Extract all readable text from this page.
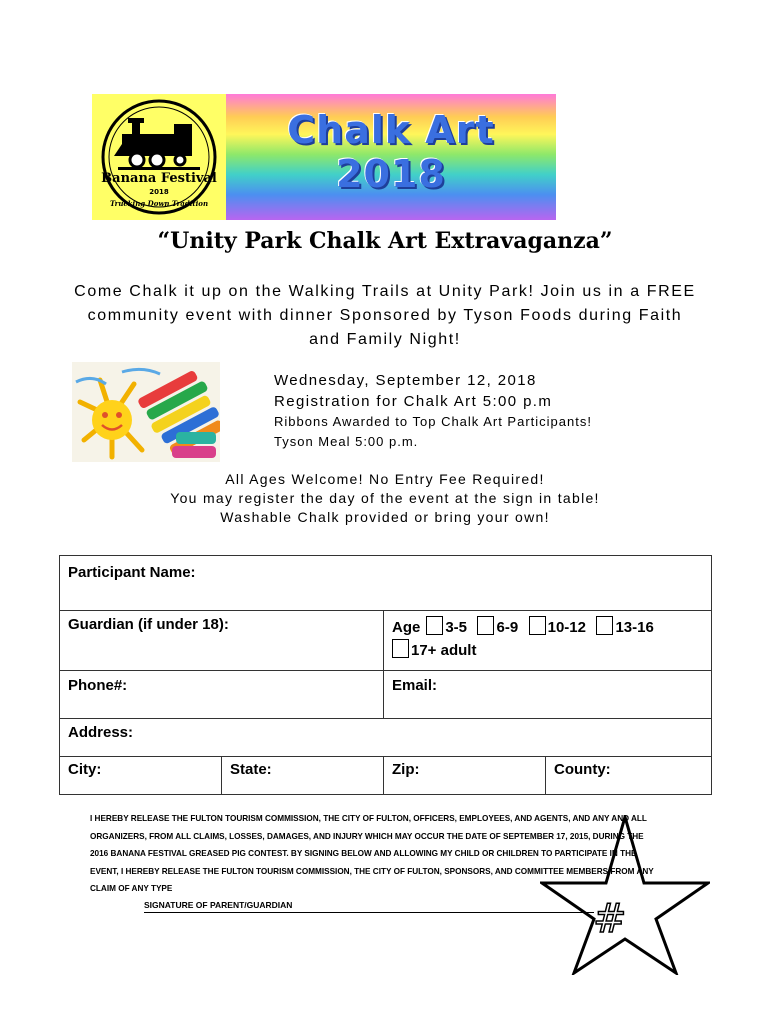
Banana Festival
2018
Trucking Down Tradition
Chalk Art 2018
“Unity Park Chalk Art Extravaganza”
Come Chalk it up on the Walking Trails at Unity Park! Join us in a FREE
community event with dinner Sponsored by Tyson Foods during Faith
and Family Night!
Wednesday, September 12, 2018
Registration for Chalk Art 5:00 p.m
Ribbons Awarded to Top Chalk Art Participants!
Tyson Meal 5:00 p.m.
All Ages Welcome! No Entry Fee Required!
You may register the day of the event at the sign in table!
Washable Chalk provided or bring your own!
Participant Name:
Guardian (if under 18):	Age 3-5 6-9 10-12 13-16
17+ adult
Phone#:	Email:
Address:
City:	State:	Zip:	County:
#
I HEREBY RELEASE THE FULTON TOURISM COMMISSION, THE CITY OF FULTON, OFFICERS, EMPLOYEES, AND AGENTS, AND ANY AND ALL
ORGANIZERS, FROM ALL CLAIMS, LOSSES, DAMAGES, AND INJURY WHICH MAY OCCUR THE DATE OF SEPTEMBER 17, 2015, DURING THE
2016 BANANA FESTIVAL GREASED PIG CONTEST. BY SIGNING BELOW AND ALLOWING MY CHILD OR CHILDREN TO PARTICIPATE IN THE
EVENT, I HEREBY RELEASE THE FULTON TOURISM COMMISSION, THE CITY OF FULTON, SPONSORS, AND COMMITTEE MEMBERS FROM ANY
CLAIM OF ANY TYPE
SIGNATURE OF PARENT/GUARDIAN
